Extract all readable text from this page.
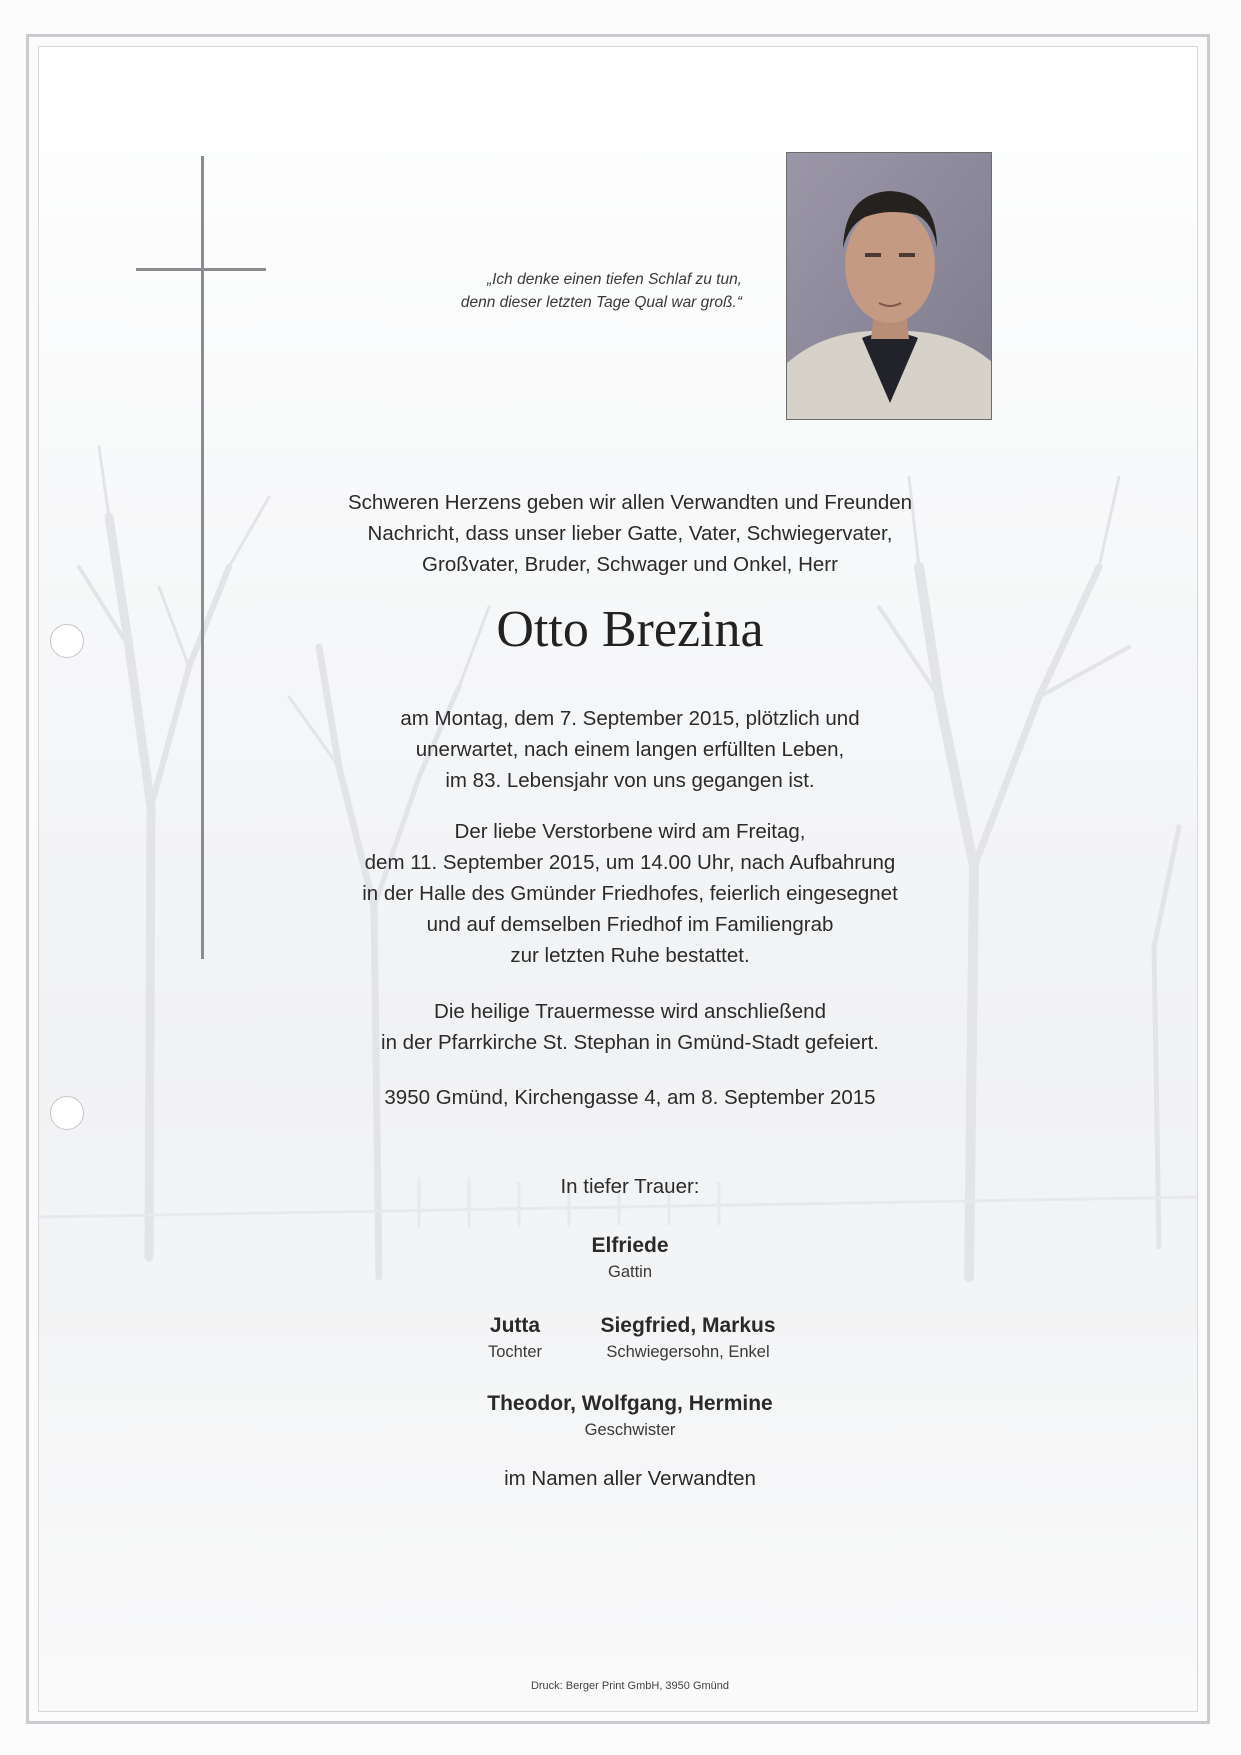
„Ich denke einen tiefen Schlaf zu tun,
denn dieser letzten Tage Qual war groß.“
Schweren Herzens geben wir allen Verwandten und Freunden
Nachricht, dass unser lieber Gatte, Vater, Schwiegervater,
Großvater, Bruder, Schwager und Onkel, Herr
Otto Brezina
am Montag, dem 7. September 2015, plötzlich und
unerwartet, nach einem langen erfüllten Leben,
im 83. Lebensjahr von uns gegangen ist.
Der liebe Verstorbene wird am Freitag,
dem 11. September 2015, um 14.00 Uhr, nach Aufbahrung
in der Halle des Gmünder Friedhofes, feierlich eingesegnet
und auf demselben Friedhof im Familiengrab
zur letzten Ruhe bestattet.
Die heilige Trauermesse wird anschließend
in der Pfarrkirche St. Stephan in Gmünd-Stadt gefeiert.
3950 Gmünd, Kirchengasse 4, am 8. September 2015
In tiefer Trauer:
Elfriede
Gattin
Jutta
Tochter
Siegfried, Markus
Schwiegersohn, Enkel
Theodor, Wolfgang, Hermine
Geschwister
im Namen aller Verwandten
Druck: Berger Print GmbH, 3950 Gmünd
